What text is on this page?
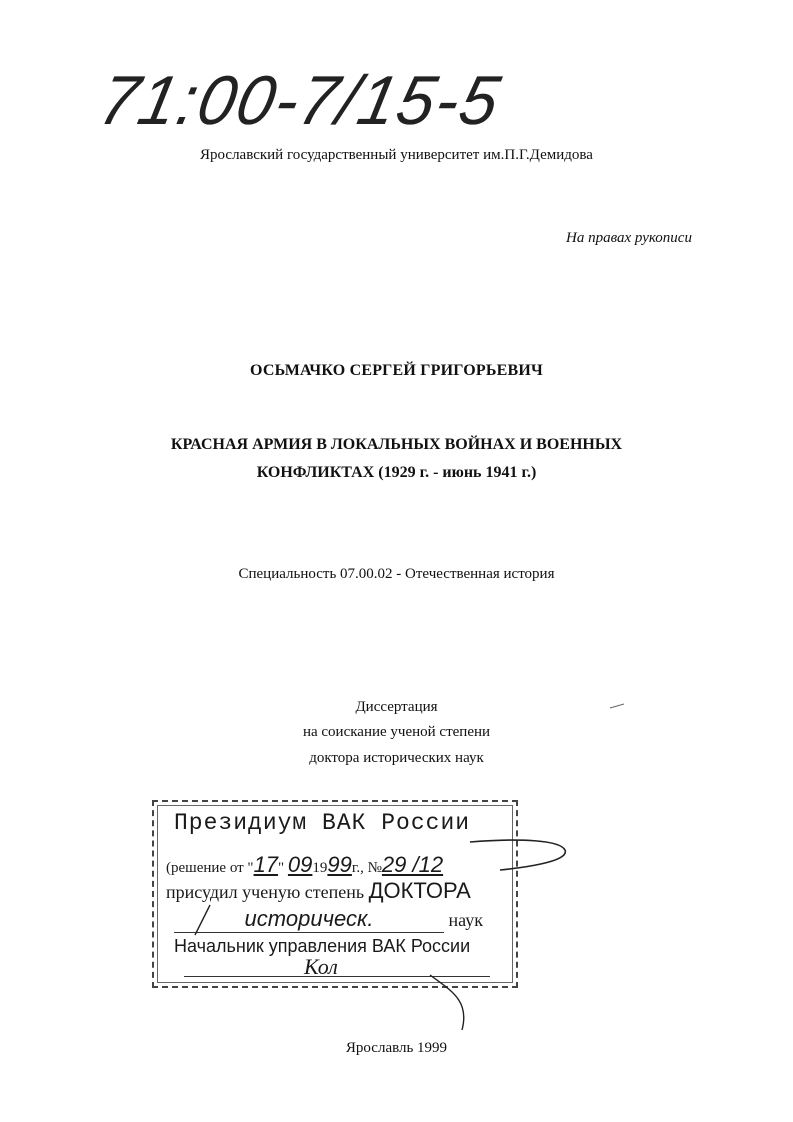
71:00-7/15-5
Ярославский государственный университет им.П.Г.Демидова
На правах рукописи
ОСЬМАЧКО СЕРГЕЙ ГРИГОРЬЕВИЧ
КРАСНАЯ АРМИЯ В ЛОКАЛЬНЫХ ВОЙНАХ И ВОЕННЫХ
КОНФЛИКТАХ (1929 г. - июнь 1941 г.)
Специальность 07.00.02 - Отечественная история
Диссертация
на соискание ученой степени
доктора исторических наук
Президиум ВАК России
(решение от "17" 091999г., №29 /12
присудил ученую степень ДОКТОРА
историческ.	наук
Начальник управления ВАК России
Кол
Ярославль 1999
